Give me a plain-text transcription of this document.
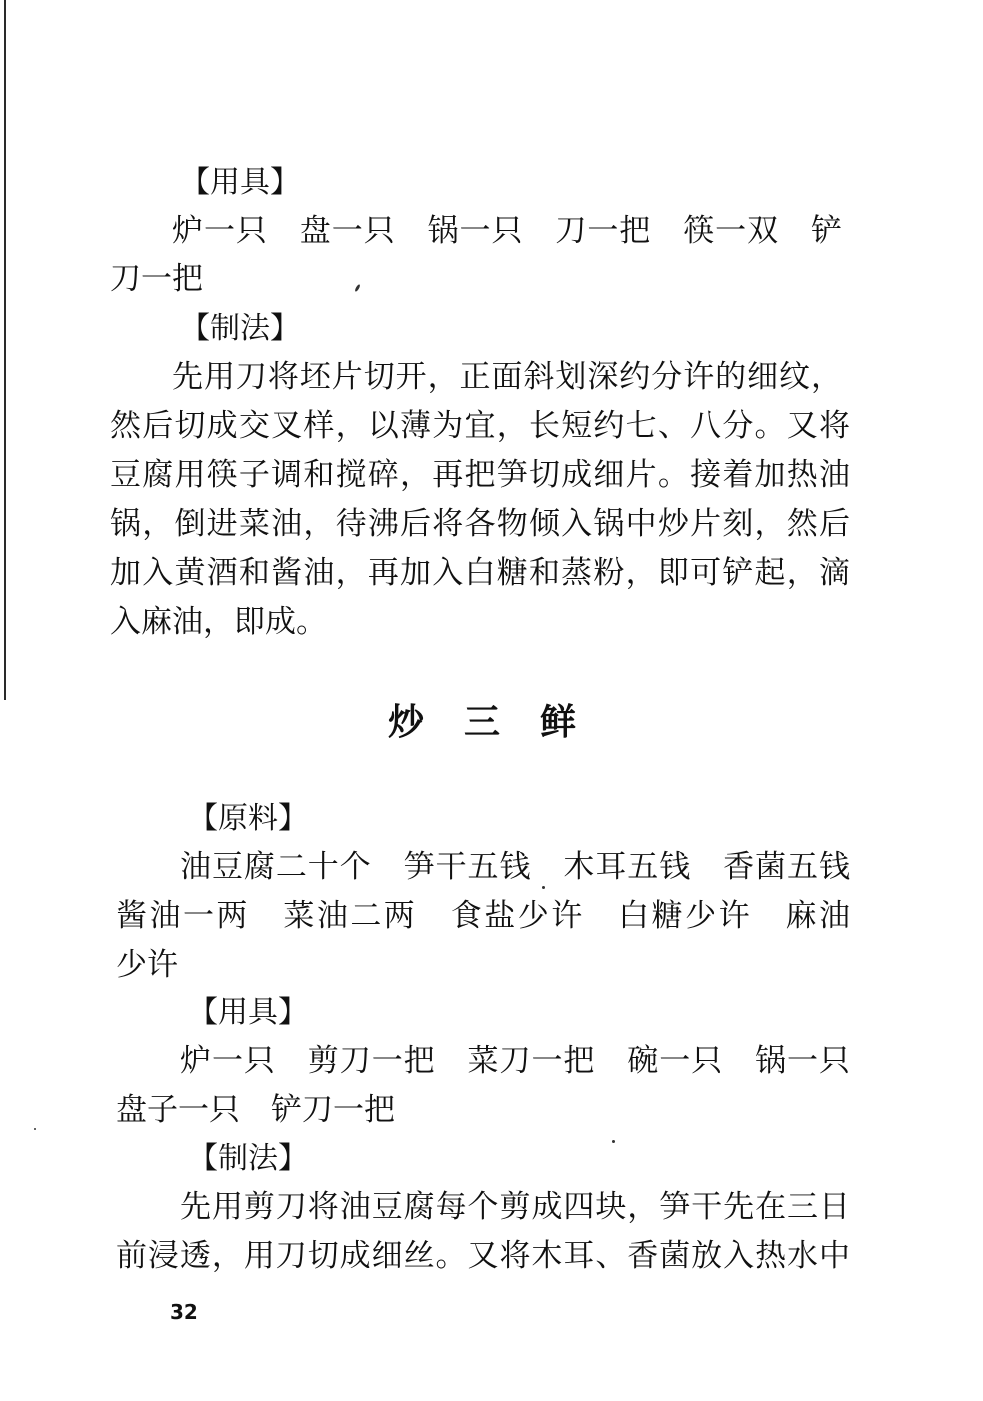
【用具】
炉一只　盘一只　锅一只　刀一把　筷一双　铲
刀一把
【制法】
先用刀将坯片切开，正面斜划深约分许的细纹，
然后切成交叉样，以薄为宜，长短约七、八分。又将
豆腐用筷子调和搅碎，再把笋切成细片。接着加热油
锅，倒进菜油，待沸后将各物倾入锅中炒片刻，然后
加入黄酒和酱油，再加入白糖和蒸粉，即可铲起，滴
入麻油，即成。
炒三鲜
【原料】
油豆腐二十个　笋干五钱　木耳五钱　香菌五钱
酱油一两　菜油二两　食盐少许　白糖少许　麻油
少许
【用具】
炉一只　剪刀一把　菜刀一把　碗一只　锅一只
盘子一只　铲刀一把
【制法】
先用剪刀将油豆腐每个剪成四块，笋干先在三日
前浸透，用刀切成细丝。又将木耳、香菌放入热水中
32
